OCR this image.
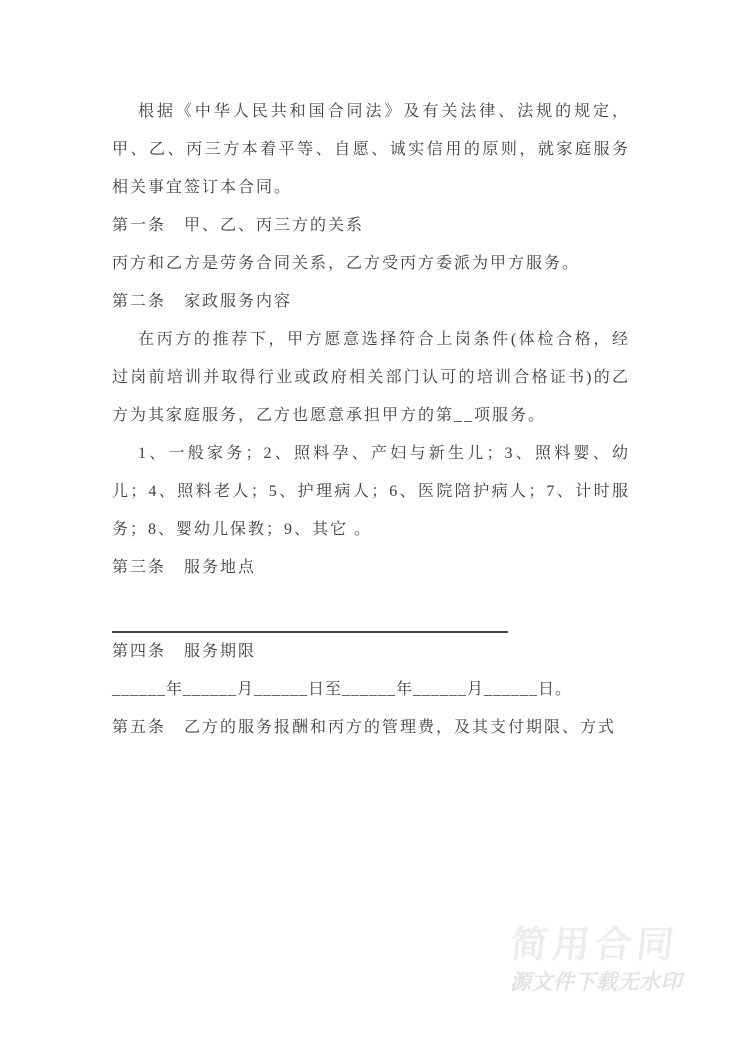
根据《中华人民共和国合同法》及有关法律、法规的规定，甲、乙、丙三方本着平等、自愿、诚实信用的原则，就家庭服务相关事宜签订本合同。

第一条　甲、乙、丙三方的关系

丙方和乙方是劳务合同关系，乙方受丙方委派为甲方服务。

第二条　家政服务内容

在丙方的推荐下，甲方愿意选择符合上岗条件(体检合格，经过岗前培训并取得行业或政府相关部门认可的培训合格证书)的乙方为其家庭服务，乙方也愿意承担甲方的第__项服务。

1、一般家务；2、照料孕、产妇与新生儿；3、照料婴、幼儿；4、照料老人；5、护理病人；6、医院陪护病人；7、计时服务；8、婴幼儿保教；9、其它 。

第三条　服务地点

第四条　服务期限

______年______月______日至______年______月______日。

第五条　乙方的服务报酬和丙方的管理费，及其支付期限、方式

简用合同
源文件下载无水印
